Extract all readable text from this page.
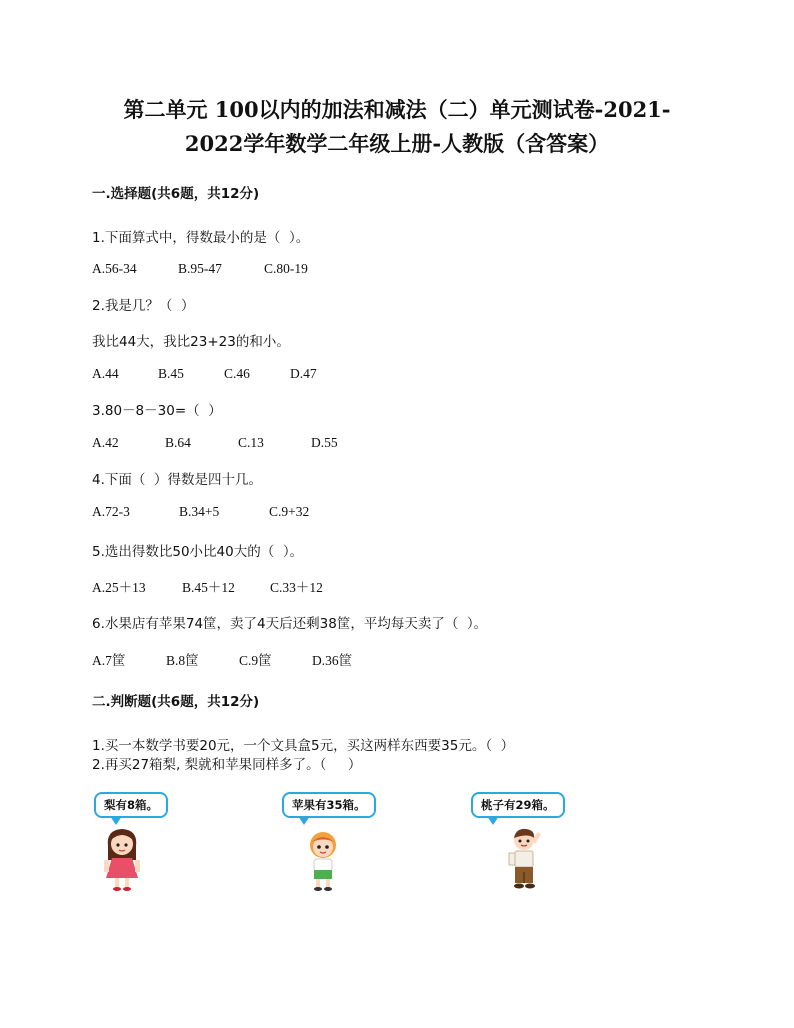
第二单元 100以内的加法和减法（二）单元测试卷-2021-
2022学年数学二年级上册-人教版（含答案）
一.选择题(共6题，共12分)
1.下面算式中，得数最小的是（  ）。
A.56-34	B.95-47	C.80-19
2.我是几？（  ）
我比44大，我比23+23的和小。
A.44	B.45	C.46	D.47
3.80－8－30=（  ）
A.42	B.64	C.13	D.55
4.下面（  ）得数是四十几。
A.72-3	B.34+5	C.9+32
5.选出得数比50小比40大的（  ）。
A.25＋13	B.45＋12	C.33＋12
6.水果店有苹果74筐，卖了4天后还剩38筐，平均每天卖了（  ）。
A.7筐	B.8筐	C.9筐	D.36筐
二.判断题(共6题，共12分)
1.买一本数学书要20元，一个文具盒5元，买这两样东西要35元。（  ）
2.再买27箱梨, 梨就和苹果同样多了。（     ）
梨有8箱。	苹果有35箱。	桃子有29箱。
